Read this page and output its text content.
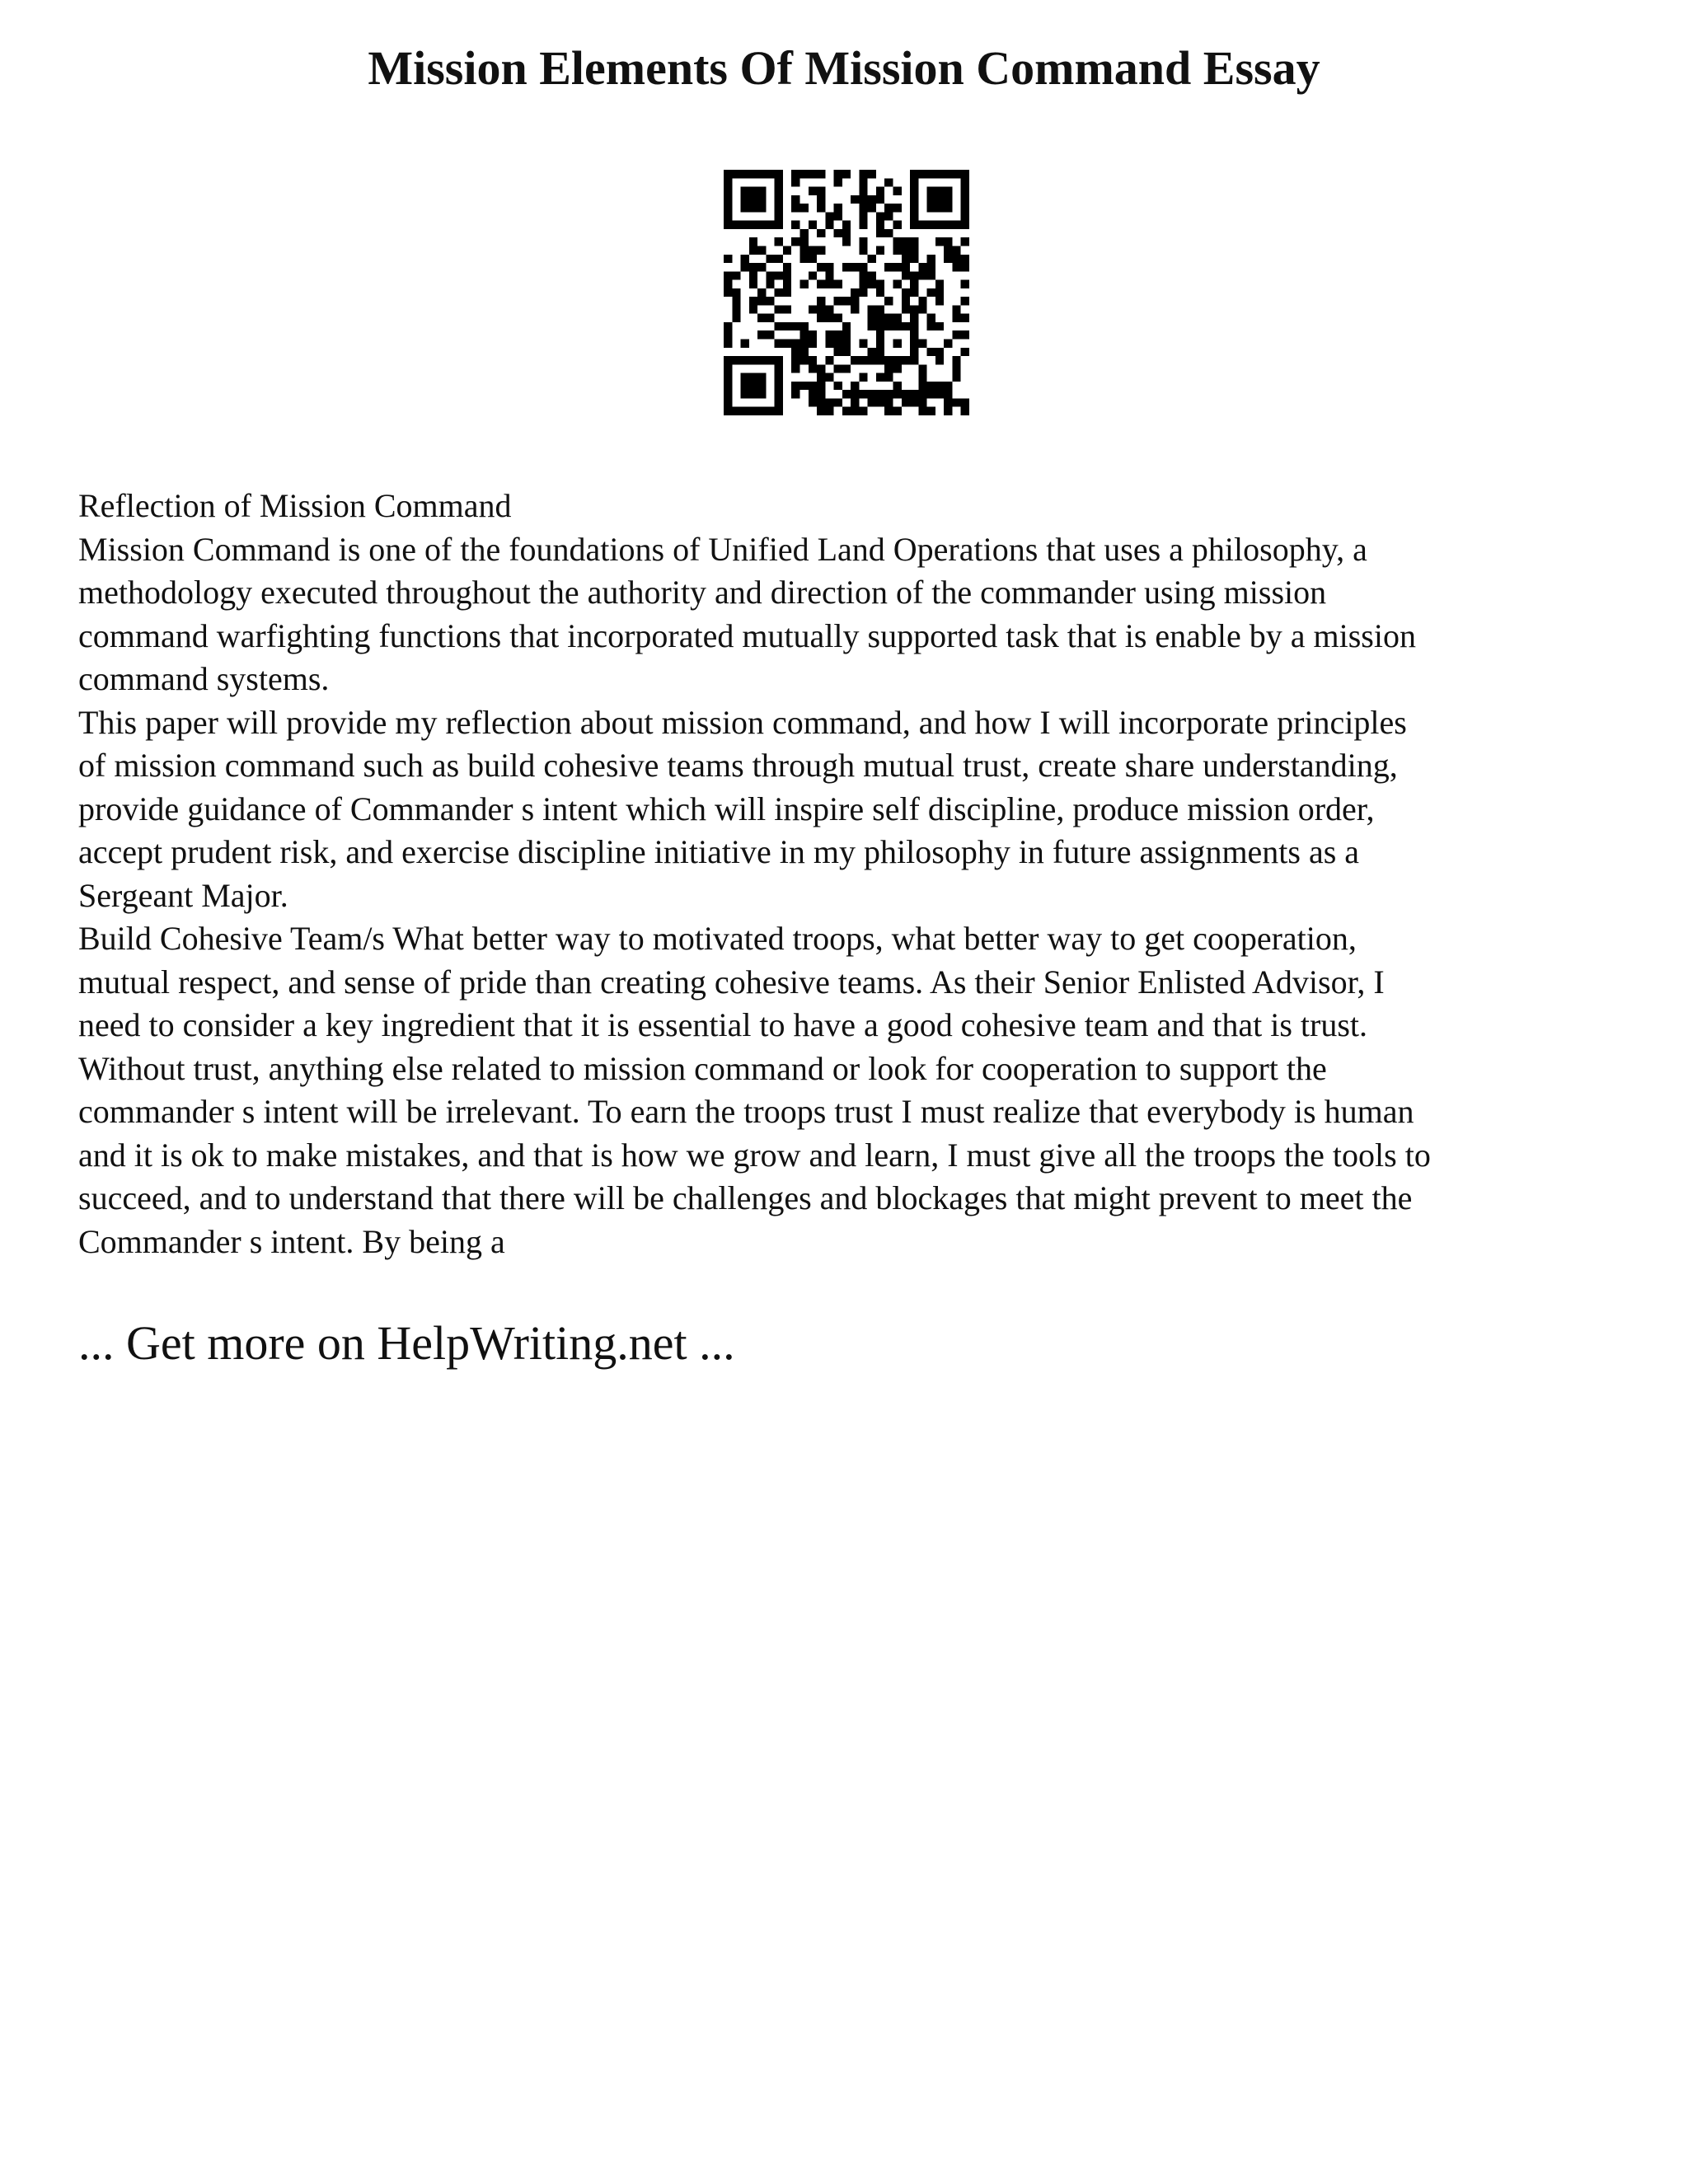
Mission Elements Of Mission Command Essay

Reflection of Mission Command

Mission Command is one of the foundations of Unified Land Operations that uses a philosophy, a

methodology executed throughout the authority and direction of the commander using mission

command warfighting functions that incorporated mutually supported task that is enable by a mission

command systems.

This paper will provide my reflection about mission command, and how I will incorporate principles

of mission command such as build cohesive teams through mutual trust, create share understanding,

provide guidance of Commander s intent which will inspire self discipline, produce mission order,

accept prudent risk, and exercise discipline initiative in my philosophy in future assignments as a

Sergeant Major.

Build Cohesive Team/s What better way to motivated troops, what better way to get cooperation,

mutual respect, and sense of pride than creating cohesive teams. As their Senior Enlisted Advisor, I

need to consider a key ingredient that it is essential to have a good cohesive team and that is trust.

Without trust, anything else related to mission command or look for cooperation to support the

commander s intent will be irrelevant. To earn the troops trust I must realize that everybody is human

and it is ok to make mistakes, and that is how we grow and learn, I must give all the troops the tools to

succeed, and to understand that there will be challenges and blockages that might prevent to meet the

Commander s intent. By being a

... Get more on HelpWriting.net ...
